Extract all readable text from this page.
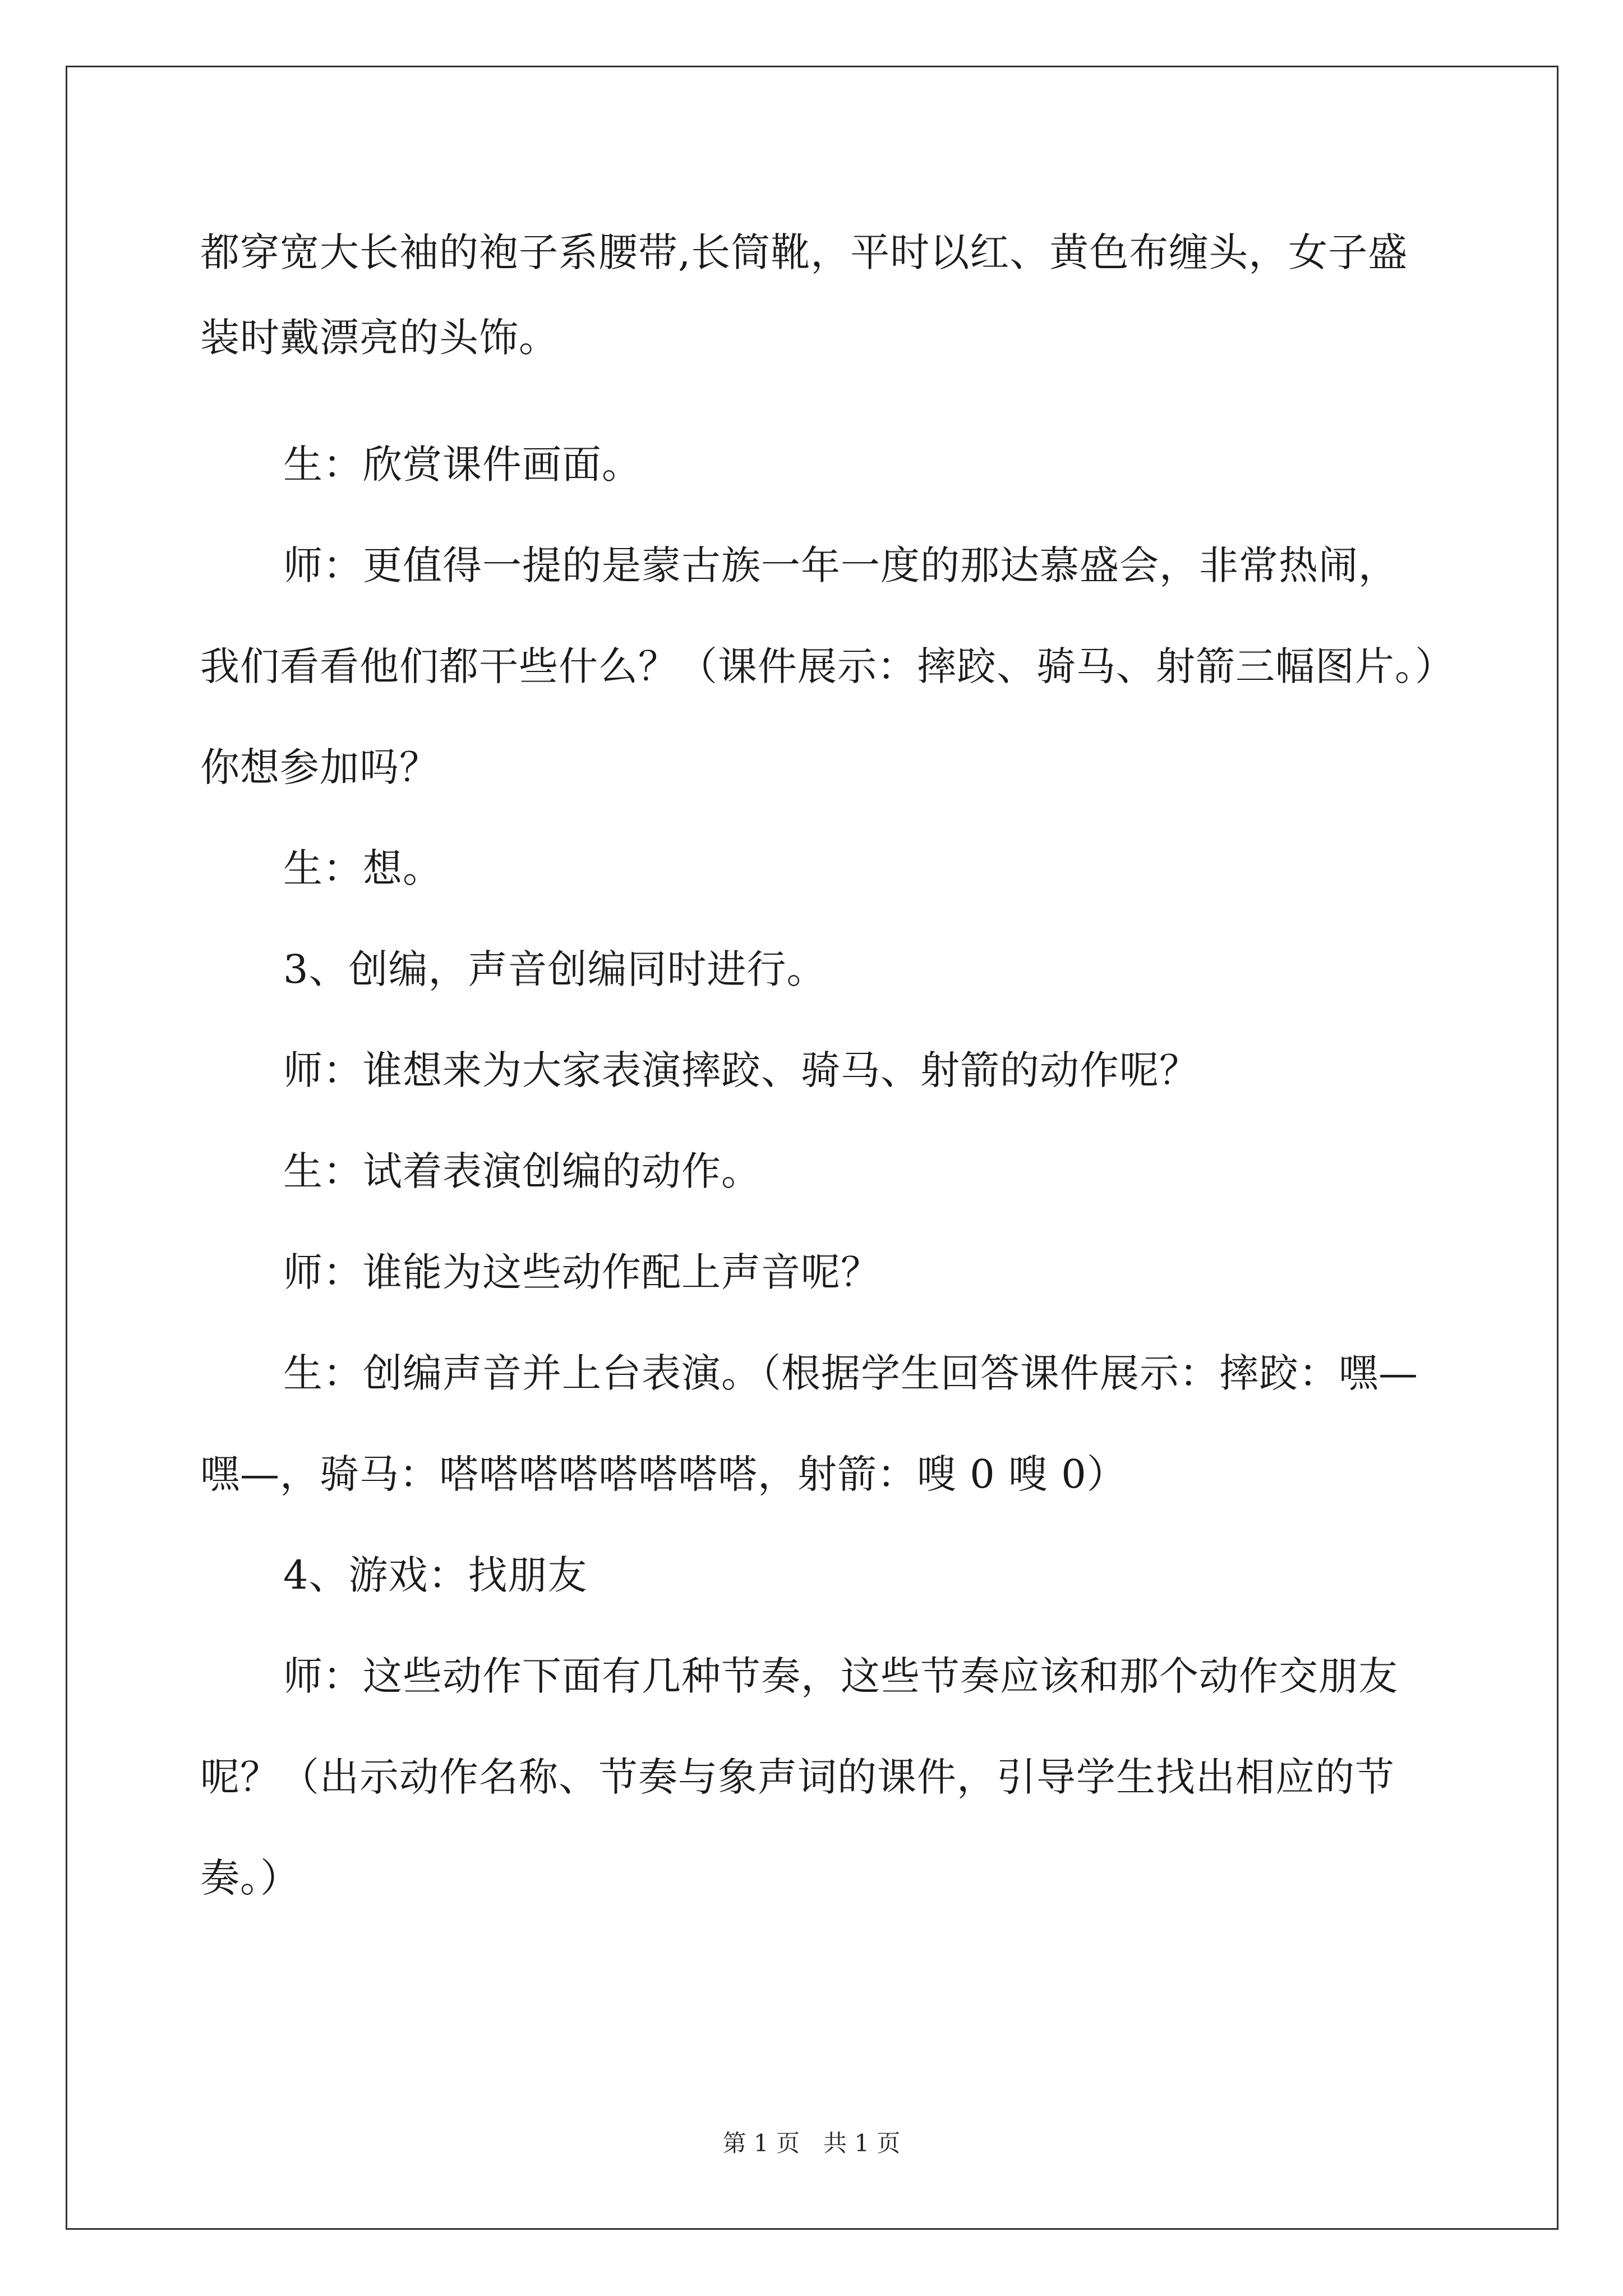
都穿宽大长袖的袍子系腰带,长筒靴，平时以红、黄色布缠头，女子盛
装时戴漂亮的头饰。
生：欣赏课件画面。
师：更值得一提的是蒙古族一年一度的那达慕盛会，非常热闹，
我们看看他们都干些什么？（课件展示：摔跤、骑马、射箭三幅图片。）
你想参加吗？
生：想。
3、创编，声音创编同时进行。
师：谁想来为大家表演摔跤、骑马、射箭的动作呢？
生：试着表演创编的动作。
师：谁能为这些动作配上声音呢？
生：创编声音并上台表演。（根据学生回答课件展示：摔跤：嘿—
嘿—，骑马：嗒嗒嗒嗒嗒嗒嗒嗒，射箭：嗖 0 嗖 0）
4、游戏：找朋友
师：这些动作下面有几种节奏，这些节奏应该和那个动作交朋友
呢？（出示动作名称、节奏与象声词的课件，引导学生找出相应的节
奏。）
第 1 页　共 1 页
